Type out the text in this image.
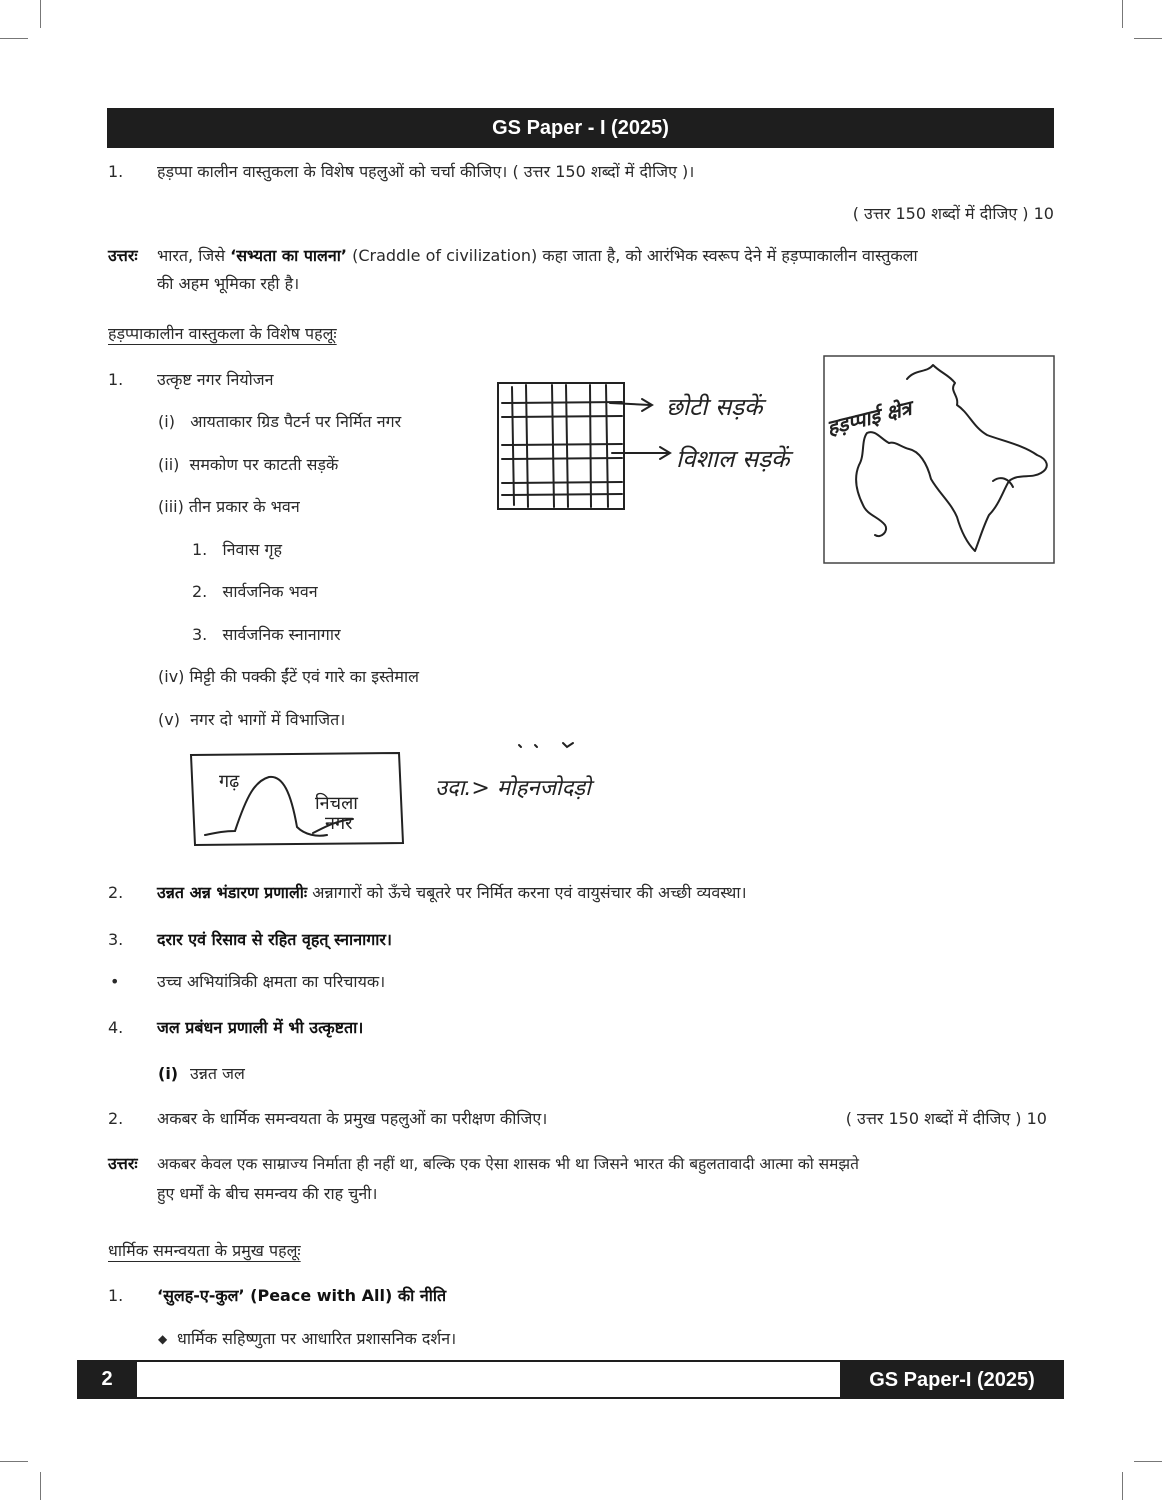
GS Paper - I (2025)
1. हड़प्पा कालीन वास्तुकला के विशेष पहलुओं को चर्चा कीजिए। ( उत्तर 150 शब्दों में दीजिए )।
( उत्तर 150 शब्दों में दीजिए ) 10
उत्तरः भारत, जिसे ‘सभ्यता का पालना’ (Craddle of civilization) कहा जाता है, को आरंभिक स्वरूप देने में हड़प्पाकालीन वास्तुकला
की अहम भूमिका रही है।
हड़प्पाकालीन वास्तुकला के विशेष पहलूः
1. उत्कृष्ट नगर नियोजन
(i)   आयताकार ग्रिड पैटर्न पर निर्मित नगर
(ii)  समकोण पर काटती सड़कें
(iii) तीन प्रकार के भवन
1.   निवास गृह
2.   सार्वजनिक भवन
3.   सार्वजनिक स्नानागार
(iv) मिट्टी की पक्की ईंटें एवं गारे का इस्तेमाल
(v)  नगर दो भागों में विभाजित।
छोटी सड़कें
विशाल सड़कें
हड़प्पाई क्षेत्र
गढ़
निचला
नगर
उदा.> मोहनजोदड़ो
2. उन्नत अन्न भंडारण प्रणालीः अन्नागारों को ऊँचे चबूतरे पर निर्मित करना एवं वायुसंचार की अच्छी व्यवस्था।
3. दरार एवं रिसाव से रहित वृहत् स्नानागार।
• उच्च अभियांत्रिकी क्षमता का परिचायक।
4. जल प्रबंधन प्रणाली में भी उत्कृष्टता।
(i) उन्नत जल
2. अकबर के धार्मिक समन्वयता के प्रमुख पहलुओं का परीक्षण कीजिए।	( उत्तर 150 शब्दों में दीजिए ) 10
उत्तरः अकबर केवल एक साम्राज्य निर्माता ही नहीं था, बल्कि एक ऐसा शासक भी था जिसने भारत की बहुलतावादी आत्मा को समझते
हुए धर्मों के बीच समन्वय की राह चुनी।
धार्मिक समन्वयता के प्रमुख पहलूः
1. ‘सुलह-ए-कुल’ (Peace with All) की नीति
◆ धार्मिक सहिष्णुता पर आधारित प्रशासनिक दर्शन।
2	GS Paper-I (2025)
